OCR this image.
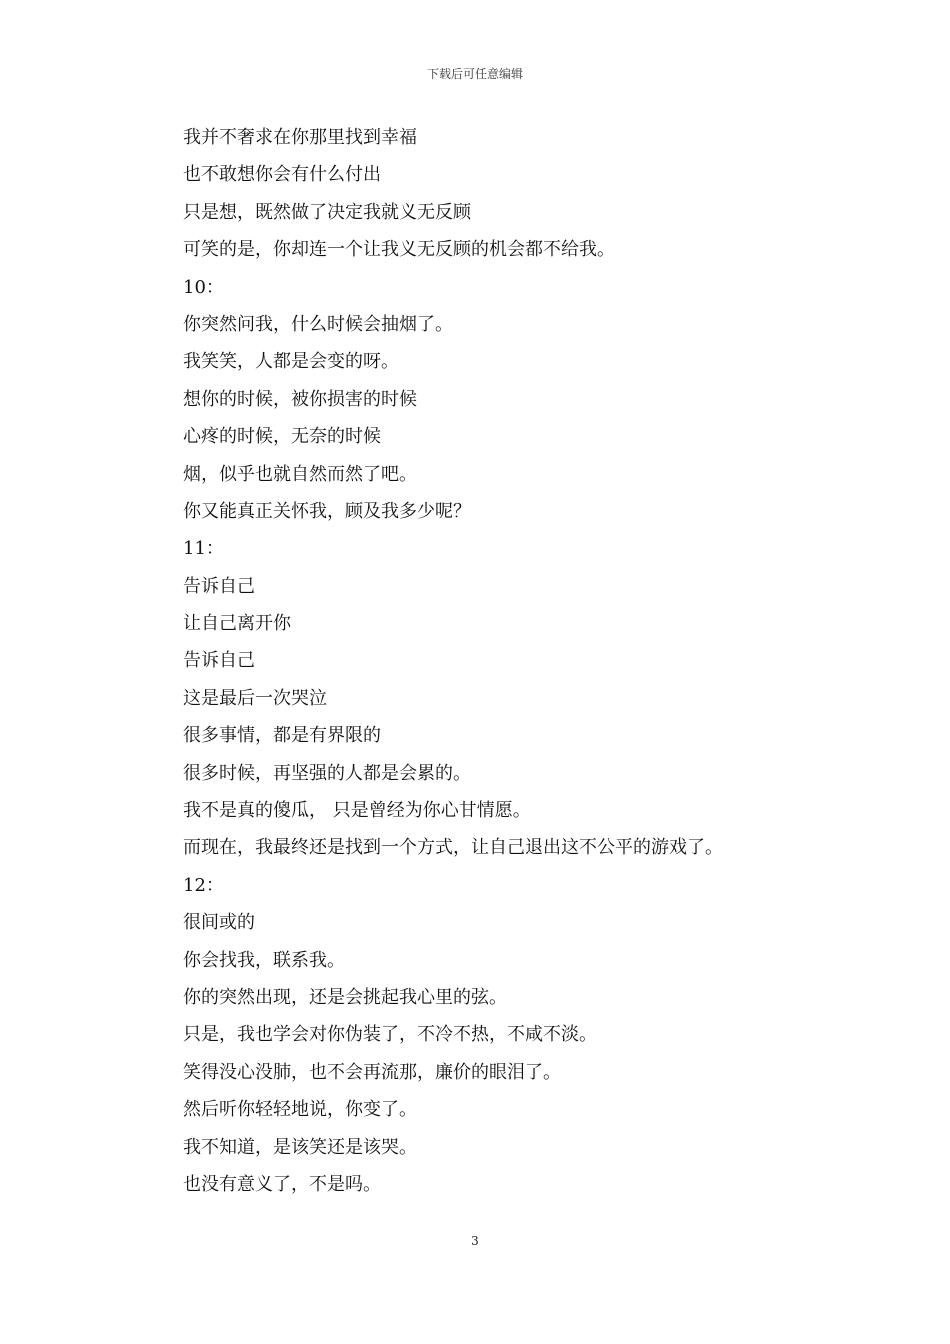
下载后可任意编辑
我并不奢求在你那里找到幸福
也不敢想你会有什么付出
只是想，既然做了决定我就义无反顾
可笑的是，你却连一个让我义无反顾的机会都不给我。
10：
你突然问我，什么时候会抽烟了。
我笑笑，人都是会变的呀。
想你的时候，被你损害的时候
心疼的时候，无奈的时候
烟，似乎也就自然而然了吧。
你又能真正关怀我，顾及我多少呢？
11：
告诉自己
让自己离开你
告诉自己
这是最后一次哭泣
很多事情，都是有界限的
很多时候，再坚强的人都是会累的。
我不是真的傻瓜， 只是曾经为你心甘情愿。
而现在，我最终还是找到一个方式，让自己退出这不公平的游戏了。
12：
很间或的
你会找我，联系我。
你的突然出现，还是会挑起我心里的弦。
只是，我也学会对你伪装了，不冷不热，不咸不淡。
笑得没心没肺，也不会再流那，廉价的眼泪了。
然后听你轻轻地说，你变了。
我不知道，是该笑还是该哭。
也没有意义了，不是吗。
3
